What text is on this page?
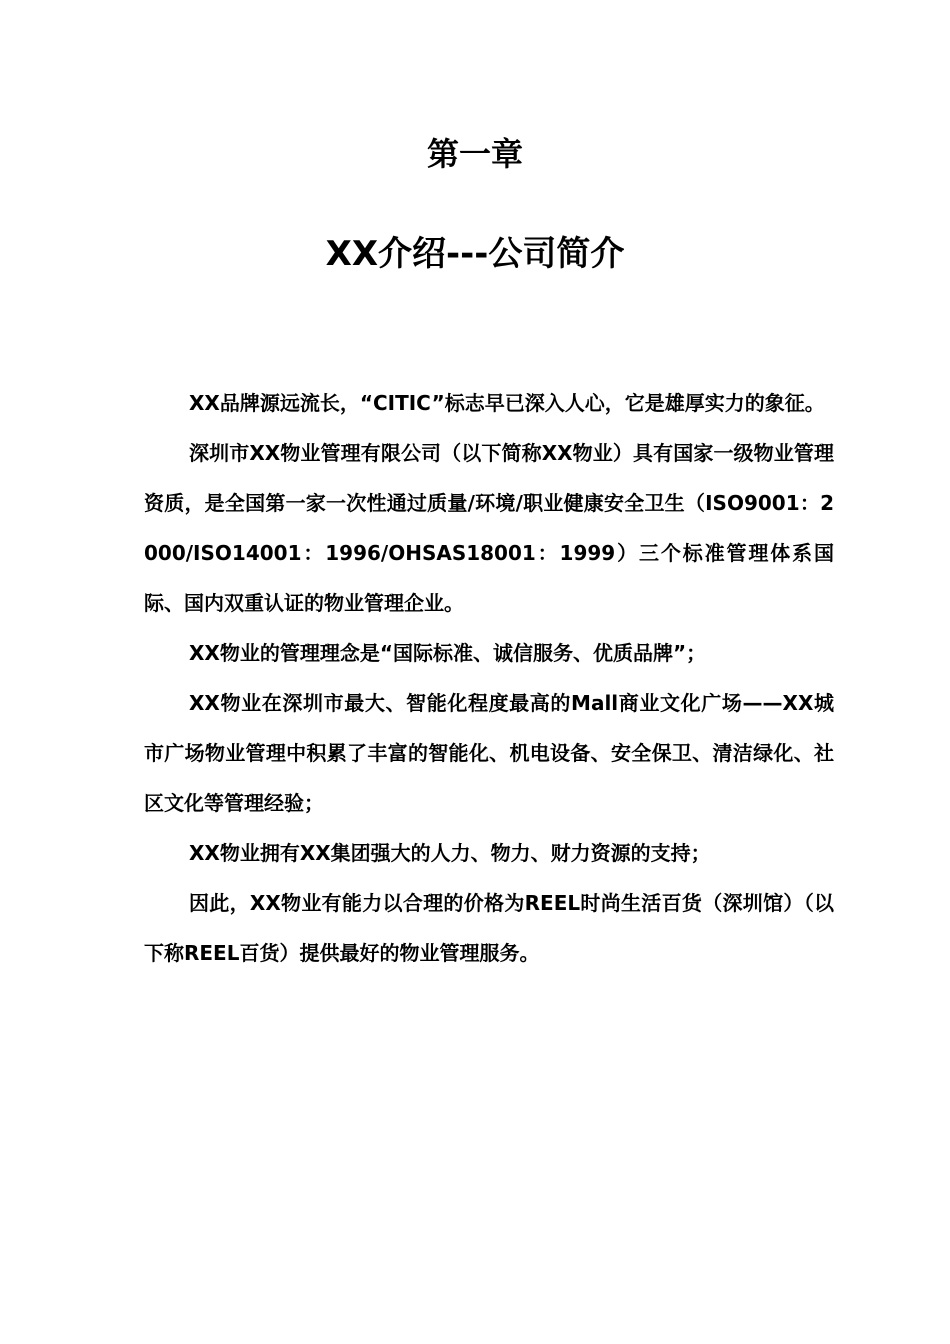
第一章
XX介绍---公司简介

XX品牌源远流长，“CITIC”标志早已深入人心，它是雄厚实力的象征。

深圳市XX物业管理有限公司（以下简称XX物业）具有国家一级物业管理资质，是全国第一家一次性通过质量/环境/职业健康安全卫生（ISO9001：2000/ISO14001：1996/OHSAS18001：1999）三个标准管理体系国际、国内双重认证的物业管理企业。

XX物业的管理理念是“国际标准、诚信服务、优质品牌”；

XX物业在深圳市最大、智能化程度最高的Mall商业文化广场——XX城市广场物业管理中积累了丰富的智能化、机电设备、安全保卫、清洁绿化、社区文化等管理经验；

XX物业拥有XX集团强大的人力、物力、财力资源的支持；

因此，XX物业有能力以合理的价格为REEL时尚生活百货（深圳馆）（以下称REEL百货）提供最好的物业管理服务。
